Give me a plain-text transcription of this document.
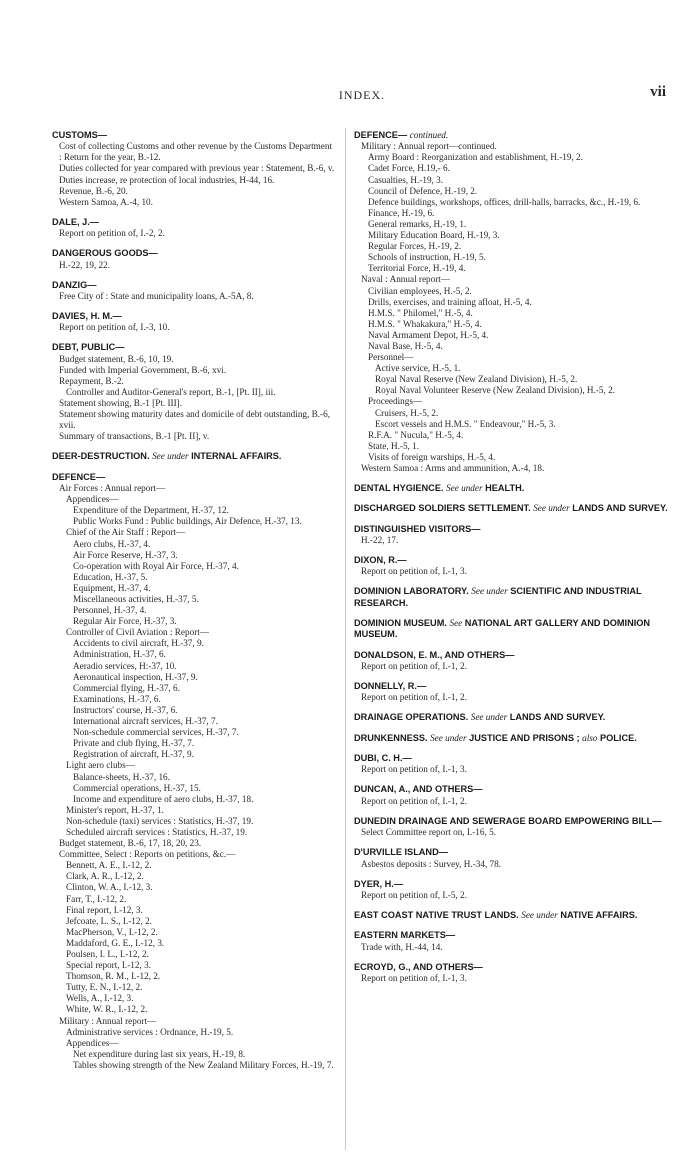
INDEX.	vii
CUSTOMS—
Cost of collecting Customs and other revenue by the Customs Department : Return for the year, B.-12.
Duties collected for year compared with previous year : Statement, B.-6, v.
Duties increase, re protection of local industries, H-44, 16.
Revenue, B.-6, 20.
Western Samoa, A.-4, 10.
DALE, J.—
Report on petition of, I.-2, 2.
DANGEROUS GOODS—
H.-22, 19, 22.
DANZIG—
Free City of : State and municipality loans, A.-5A, 8.
DAVIES, H. M.—
Report on petition of, I.-3, 10.
DEBT, PUBLIC—
Budget statement, B.-6, 10, 19.
Funded with Imperial Government, B.-6, xvi.
Repayment, B.-2.
Controller and Auditor-General's report, B.-1, [Pt. II], iii.
Statement showing, B.-1 [Pt. III].
Statement showing maturity dates and domicile of debt outstanding, B.-6, xvii.
Summary of transactions, B.-1 [Pt. II], v.
DEER-DESTRUCTION. See under INTERNAL AFFAIRS.
DEFENCE—
Air Forces : Annual report—
Appendices—
Expenditure of the Department, H.-37, 12.
Public Works Fund : Public buildings, Air Defence, H.-37, 13.
Chief of the Air Staff : Report—
Aero clubs, H.-37, 4.
Air Force Reserve, H.-37, 3.
Co-operation with Royal Air Force, H.-37, 4.
Education, H.-37, 5.
Equipment, H.-37, 4.
Miscellaneous activities, H.-37, 5.
Personnel, H.-37, 4.
Regular Air Force, H.-37, 3.
Controller of Civil Aviation : Report—
Accidents to civil aircraft, H.-37, 9.
Administration, H.-37, 6.
Aeradio services, H:-37, 10.
Aeronautical inspection, H.-37, 9.
Commercial flying, H.-37, 6.
Examinations, H.-37, 6.
Instructors' course, H.-37, 6.
International aircraft services, H.-37, 7.
Non-schedule commercial services, H.-37, 7.
Private and club flying, H.-37, 7.
Registration of aircraft, H.-37, 9.
Light aero clubs—
Balance-sheets, H.-37, 16.
Commercial operations, H.-37, 15.
Income and expenditure of aero clubs, H.-37, 18.
Minister's report, H.-37, 1.
Non-schedule (taxi) services : Statistics, H.-37, 19.
Scheduled aircraft services : Statistics, H.-37, 19.
Budget statement, B.-6, 17, 18, 20, 23.
Committee, Select : Reports on petitions, &c.—
Bennett, A. E., I.-12, 2.
Clark, A. R., I.-12, 2.
Clinton, W. A., I.-12, 3.
Farr, T., I.-12, 2.
Final report, I.-12, 3.
Jefcoate, L. S., I.-12, 2.
MacPherson, V., I.-12, 2.
Maddaford, G. E., I.-12, 3.
Poulsen, I. L., I.-12, 2.
Special report, I.-12, 3.
Thomson, R. M., I.-12, 2.
Tutty, E. N., I.-12, 2.
Wells, A., I.-12, 3.
White, W. R., I.-12, 2.
Military : Annual report—
Administrative services : Ordnance, H.-19, 5.
Appendices—
Net expenditure during last six years, H.-19, 8.
Tables showing strength of the New Zealand Military Forces, H.-19, 7.
DEFENCE— continued.
Military : Annual report—continued.
Army Board : Reorganization and establishment, H.-19, 2.
Cadet Force, H.19,- 6.
Casualties, H.-19, 3.
Council of Defence, H.-19, 2.
Defence buildings, workshops, offices, drill-halls, barracks, &c., H.-19, 6.
Finance, H.-19, 6.
General remarks, H.-19, 1.
Military Education Board, H.-19, 3.
Regular Forces, H.-19, 2.
Schools of instruction, H.-19, 5.
Territorial Force, H.-19, 4.
Naval : Annual report—
Civilian employees, H.-5, 2.
Drills, exercises, and training afloat, H.-5, 4.
H.M.S. " Philomel," H.-5, 4.
H.M.S. " Whakakura," H.-5, 4.
Naval Armament Depot, H.-5, 4.
Naval Base, H.-5, 4.
Personnel—
Active service, H.-5, 1.
Royal Naval Reserve (New Zealand Division), H.-5, 2.
Royal Naval Volunteer Reserve (New Zealand Division), H.-5, 2.
Proceedings—
Cruisers, H.-5, 2.
Escort vessels and H.M.S. " Endeavour," H.-5, 3.
R.F.A. " Nucula," H.-5, 4.
State, H.-5, 1.
Visits of foreign warships, H.-5, 4.
Western Samoa : Arms and ammunition, A.-4, 18.
DENTAL HYGIENCE. See under HEALTH.
DISCHARGED SOLDIERS SETTLEMENT. See under LANDS AND SURVEY.
DISTINGUISHED VISITORS—
H.-22, 17.
DIXON, R.—
Report on petition of, I.-1, 3.
DOMINION LABORATORY. See under SCIENTIFIC AND INDUSTRIAL RESEARCH.
DOMINION MUSEUM. See NATIONAL ART GALLERY AND DOMINION MUSEUM.
DONALDSON, E. M., AND OTHERS—
Report on petition of, I.-1, 2.
DONNELLY, R.—
Report on petition of, I.-1, 2.
DRAINAGE OPERATIONS. See under LANDS AND SURVEY.
DRUNKENNESS. See under JUSTICE AND PRISONS ; also POLICE.
DUBI, C. H.—
Report on petition of, I.-1, 3.
DUNCAN, A., AND OTHERS—
Report on petition of, I.-1, 2.
DUNEDIN DRAINAGE AND SEWERAGE BOARD EMPOWERING BILL—
Select Committee report on, I.-16, 5.
D'URVILLE ISLAND—
Asbestos deposits : Survey, H.-34, 78.
DYER, H.—
Report on petition of, I.-5, 2.
EAST COAST NATIVE TRUST LANDS. See under NATIVE AFFAIRS.
EASTERN MARKETS—
Trade with, H.-44, 14.
ECROYD, G., AND OTHERS—
Report on petition of, I.-1, 3.
